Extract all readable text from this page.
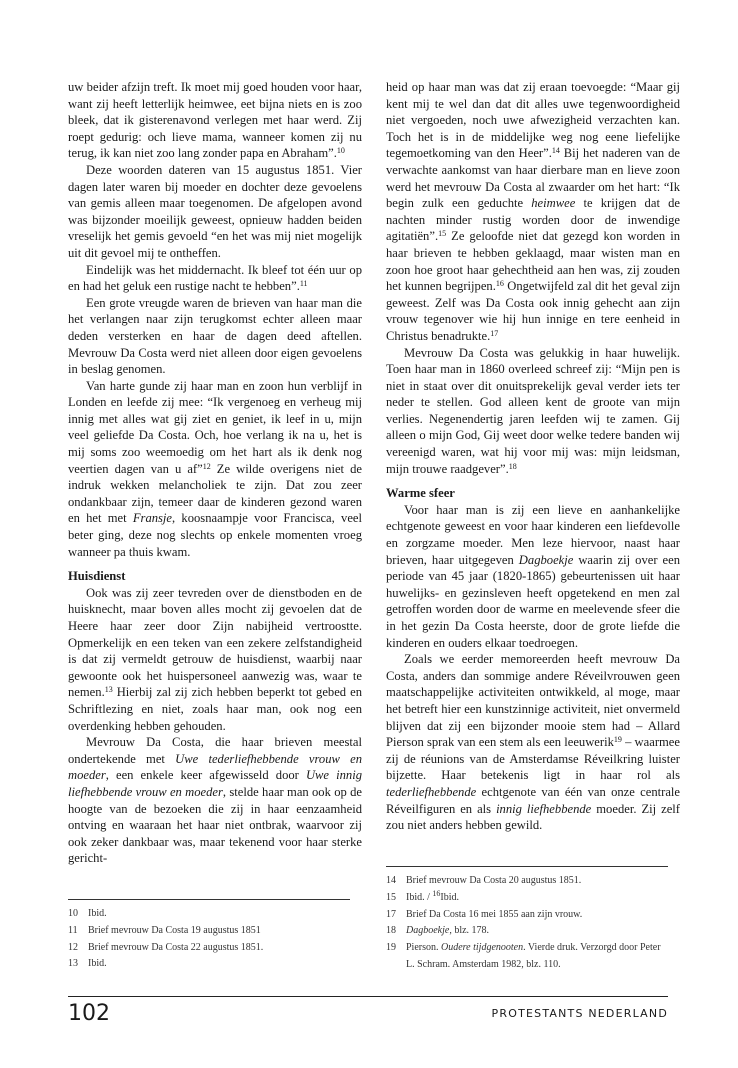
uw beider afzijn treft. Ik moet mij goed houden voor haar, want zij heeft letterlijk heimwee, eet bijna niets en is zoo bleek, dat ik gisterenavond verlegen met haar werd. Zij roept gedurig: och lieve mama, wanneer komen zij nu terug, ik kan niet zoo lang zonder papa en Abraham”.$^{10}$

Deze woorden dateren van 15 augustus 1851. Vier dagen later waren bij moeder en dochter deze gevoelens van gemis alleen maar toegenomen. De afgelopen avond was bijzonder moeilijk geweest, opnieuw hadden beiden vreselijk het gemis gevoeld “en het was mij niet mogelijk uit dit gevoel mij te ontheffen.

Eindelijk was het middernacht. Ik bleef tot één uur op en had het geluk een rustige nacht te hebben”.$^{11}$

Een grote vreugde waren de brieven van haar man die het verlangen naar zijn terugkomst echter alleen maar deden versterken en haar de dagen deed aftellen. Mevrouw Da Costa werd niet alleen door eigen gevoelens in beslag genomen.

Van harte gunde zij haar man en zoon hun verblijf in Londen en leefde zij mee: “Ik vergenoeg en verheug mij innig met alles wat gij ziet en geniet, ik leef in u, mijn veel geliefde Da Costa. Och, hoe verlang ik na u, het is mij soms zoo weemoedig om het hart als ik denk nog veertien dagen van u af”$^{12}$ Ze wilde overigens niet de indruk wekken melancholiek te zijn. Dat zou zeer ondankbaar zijn, temeer daar de kinderen gezond waren en het met Fransje, koosnaampje voor Francisca, veel beter ging, deze nog slechts op enkele momenten vroeg wanneer pa thuis kwam.

Huisdienst

Ook was zij zeer tevreden over de dienstboden en de huisknecht, maar boven alles mocht zij gevoelen dat de Heere haar zeer door Zijn nabijheid vertroostte. Opmerkelijk en een teken van een zekere zelfstandigheid is dat zij vermeldt getrouw de huisdienst, waarbij naar gewoonte ook het huispersoneel aanwezig was, waar te nemen.$^{13}$ Hierbij zal zij zich hebben beperkt tot gebed en Schriftlezing en niet, zoals haar man, ook nog een overdenking hebben gehouden.

Mevrouw Da Costa, die haar brieven meestal ondertekende met Uwe tederliefhebbende vrouw en moeder, een enkele keer afgewisseld door Uwe innig liefhebbende vrouw en moeder, stelde haar man ook op de hoogte van de bezoeken die zij in haar eenzaamheid ontving en waaraan het haar niet ontbrak, waarvoor zij ook zeker dankbaar was, maar tekenend voor haar sterke gericht-

heid op haar man was dat zij eraan toevoegde: “Maar gij kent mij te wel dan dat dit alles uwe tegenwoordigheid niet vergoeden, noch uwe afwezigheid verzachten kan. Toch het is in de middelijke weg nog eene liefelijke tegemoetkoming van den Heer”.$^{14}$ Bij het naderen van de verwachte aankomst van haar dierbare man en lieve zoon werd het mevrouw Da Costa al zwaarder om het hart: “Ik begin zulk een geduchte heimwee te krijgen dat de nachten minder rustig worden door de inwendige agitatiën”.$^{15}$ Ze geloofde niet dat gezegd kon worden in haar brieven te hebben geklaagd, maar wisten man en zoon hoe groot haar gehechtheid aan hen was, zij zouden het kunnen begrijpen.$^{16}$ Ongetwijfeld zal dit het geval zijn geweest. Zelf was Da Costa ook innig gehecht aan zijn vrouw tegenover wie hij hun innige en tere eenheid in Christus benadrukte.$^{17}$

Mevrouw Da Costa was gelukkig in haar huwelijk. Toen haar man in 1860 overleed schreef zij: “Mijn pen is niet in staat over dit onuitsprekelijk geval verder iets ter neder te stellen. God alleen kent de groote van mijn verlies. Negenendertig jaren leefden wij te zamen. Gij alleen o mijn God, Gij weet door welke tedere banden wij vereenigd waren, wat hij voor mij was: mijn leidsman, mijn trouwe raadgever”.$^{18}$

Warme sfeer

Voor haar man is zij een lieve en aanhankelijke echtgenote geweest en voor haar kinderen een liefdevolle en zorgzame moeder. Men leze hiervoor, naast haar brieven, haar uitgegeven Dagboekje waarin zij over een periode van 45 jaar (1820-1865) gebeurtenissen uit haar huwelijks- en gezinsleven heeft opgetekend en men zal getroffen worden door de warme en meelevende sfeer die in het gezin Da Costa heerste, door de grote liefde die kinderen en ouders elkaar toedroegen.

Zoals we eerder memoreerden heeft mevrouw Da Costa, anders dan sommige andere Réveilvrouwen geen maatschappelijke activiteiten ontwikkeld, al moge, maar het betreft hier een kunstzinnige activiteit, niet onvermeld blijven dat zij een bijzonder mooie stem had – Allard Pierson sprak van een stem als een leeuwerik$^{19}$ – waarmee zij de réunions van de Amsterdamse Réveilkring luister bijzette. Haar betekenis ligt in haar rol als tederliefhebbende echtgenote van één van onze centrale Réveilfiguren en als innig liefhebbende moeder. Zij zelf zou niet anders hebben gewild.

10	Ibid.
11	Brief mevrouw Da Costa 19 augustus 1851
12	Brief mevrouw Da Costa 22 augustus 1851.
13	Ibid.
14	Brief mevrouw Da Costa 20 augustus 1851.
15	Ibid. / $^{16}$Ibid.
17	Brief Da Costa 16 mei 1855 aan zijn vrouw.
18	Dagboekje, blz. 178.
19	Pierson. Oudere tijdgenooten. Vierde druk. Verzorgd door Peter
L. Schram. Amsterdam 1982, blz. 110.
102	PROTESTANTS NEDERLAND
